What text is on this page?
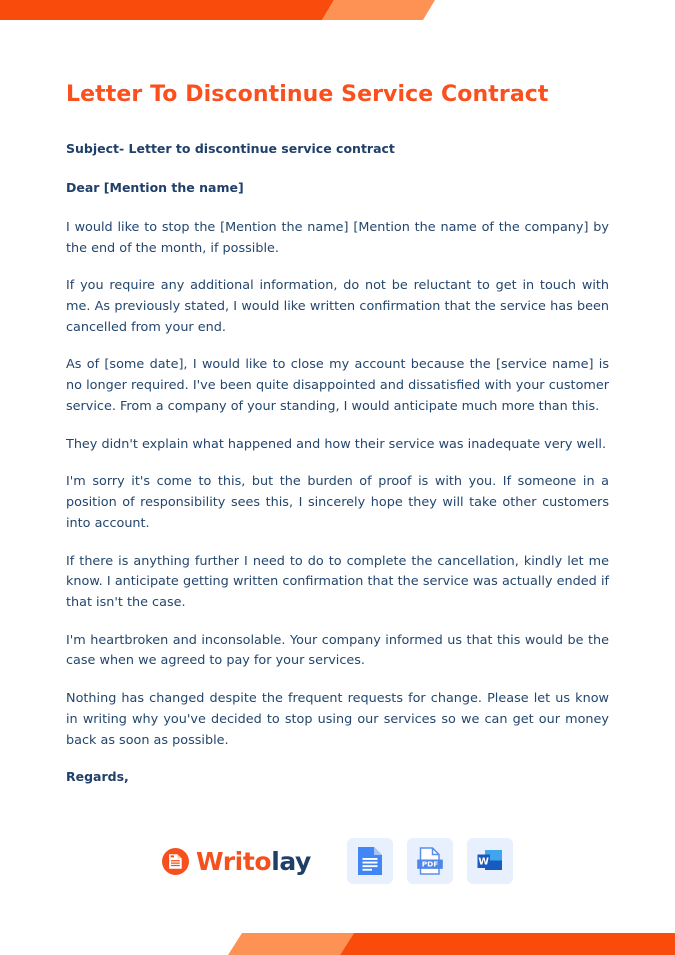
Letter To Discontinue Service Contract

Subject- Letter to discontinue service contract

Dear [Mention the name]

I would like to stop the [Mention the name] [Mention the name of the company] by the end of the month, if possible.

If you require any additional information, do not be reluctant to get in touch with me. As previously stated, I would like written confirmation that the service has been cancelled from your end.

As of [some date], I would like to close my account because the [service name] is no longer required. I've been quite disappointed and dissatisfied with your customer service. From a company of your standing, I would anticipate much more than this.

They didn't explain what happened and how their service was inadequate very well.

I'm sorry it's come to this, but the burden of proof is with you. If someone in a position of responsibility sees this, I sincerely hope they will take other customers into account.

If there is anything further I need to do to complete the cancellation, kindly let me know. I anticipate getting written confirmation that the service was actually ended if that isn't the case.

I'm heartbroken and inconsolable. Your company informed us that this would be the case when we agreed to pay for your services.

Nothing has changed despite the frequent requests for change. Please let us know in writing why you've decided to stop using our services so we can get our money back as soon as possible.

Regards,

Writolay	PDF	W
